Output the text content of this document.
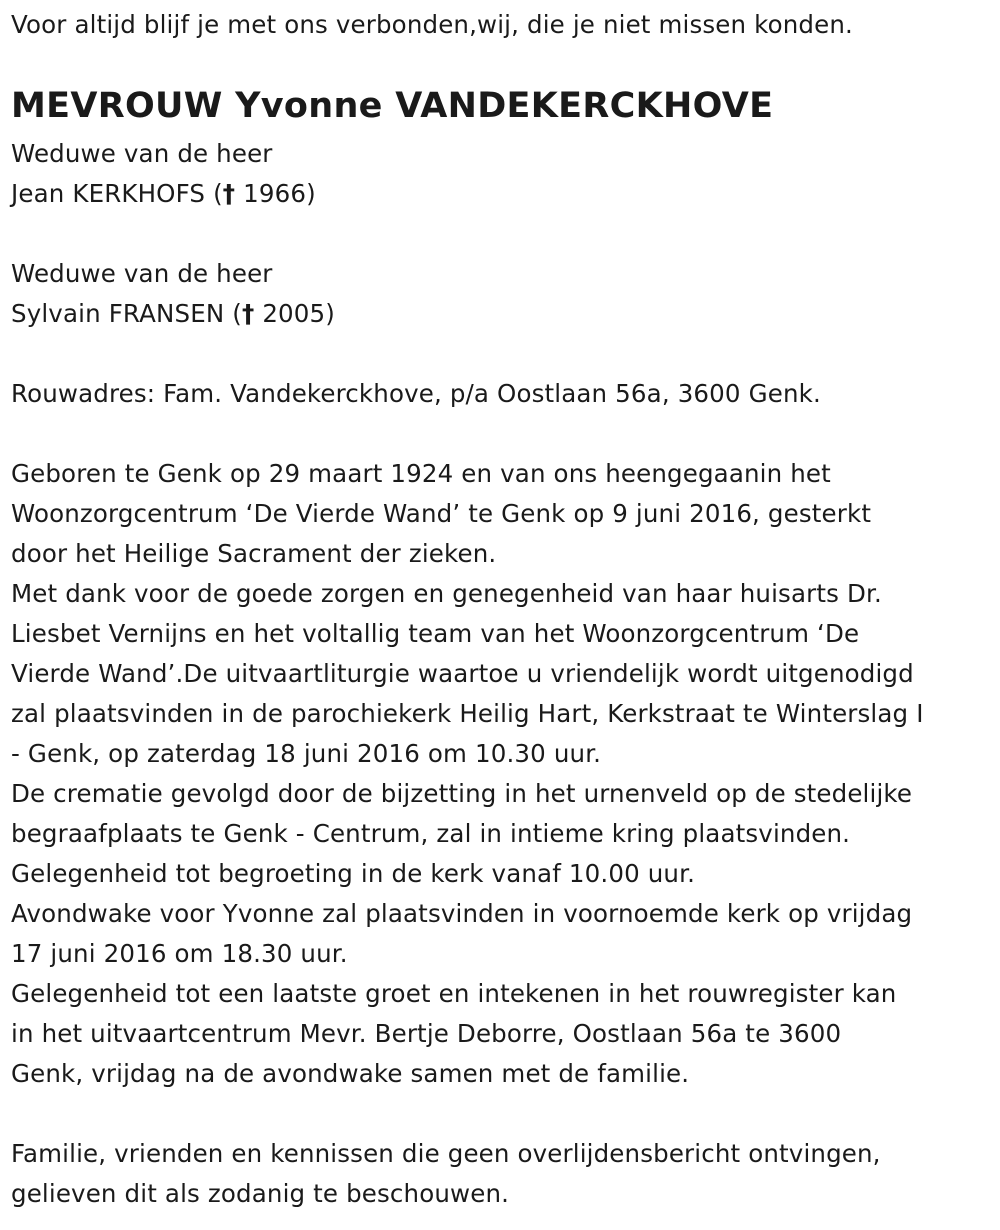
Voor altijd blijf je met ons verbonden,wij, die je niet missen konden.
MEVROUW Yvonne VANDEKERCKHOVE
Weduwe van de heer
Jean KERKHOFS († 1966)
Weduwe van de heer
Sylvain FRANSEN († 2005)
Rouwadres: Fam. Vandekerckhove, p/a Oostlaan 56a, 3600 Genk.
Geboren te Genk op 29 maart 1924 en van ons heengegaanin het
Woonzorgcentrum ‘De Vierde Wand’ te Genk op 9 juni 2016, gesterkt
door het Heilige Sacrament der zieken.
Met dank voor de goede zorgen en genegenheid van haar huisarts Dr.
Liesbet Vernijns en het voltallig team van het Woonzorgcentrum ‘De
Vierde Wand’.De uitvaartliturgie waartoe u vriendelijk wordt uitgenodigd
zal plaatsvinden in de parochiekerk Heilig Hart, Kerkstraat te Winterslag I
- Genk, op zaterdag 18 juni 2016 om 10.30 uur.
De crematie gevolgd door de bijzetting in het urnenveld op de stedelijke
begraafplaats te Genk - Centrum, zal in intieme kring plaatsvinden.
Gelegenheid tot begroeting in de kerk vanaf 10.00 uur.
Avondwake voor Yvonne zal plaatsvinden in voornoemde kerk op vrijdag
17 juni 2016 om 18.30 uur.
Gelegenheid tot een laatste groet en intekenen in het rouwregister kan
in het uitvaartcentrum Mevr. Bertje Deborre, Oostlaan 56a te 3600
Genk, vrijdag na de avondwake samen met de familie.
Familie, vrienden en kennissen die geen overlijdensbericht ontvingen,
gelieven dit als zodanig te beschouwen.
